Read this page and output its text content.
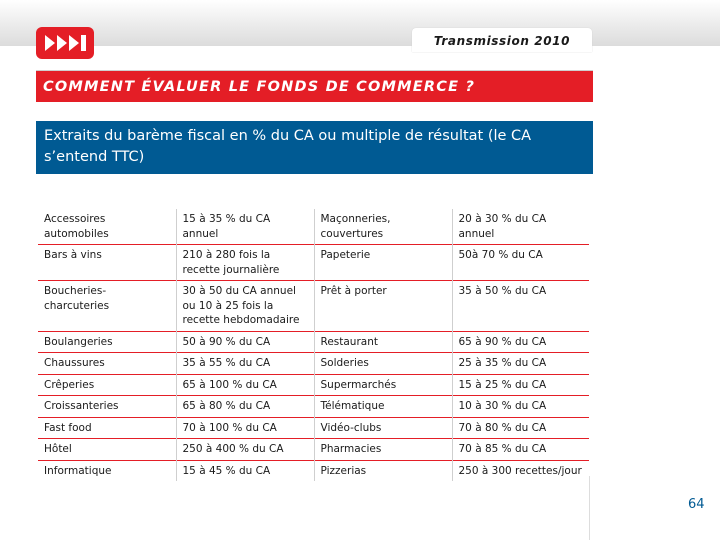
Transmission 2010
COMMENT ÉVALUER LE FONDS DE COMMERCE ?
Extraits du barème fiscal en % du CA ou multiple de résultat (le CA s’entend TTC)
Accessoires automobiles	15 à 35 % du CA annuel	Maçonneries, couvertures	20 à 30 % du CA annuel
Bars à vins	210 à 280 fois la recette journalière	Papeterie	50à 70 % du CA
Boucheries-charcuteries	30 à 50 du CA annuel ou 10 à 25 fois la recette hebdomadaire	Prêt à porter	35 à 50 % du CA
Boulangeries	50 à 90 % du CA	Restaurant	65 à 90 % du CA
Chaussures	35 à 55 % du CA	Solderies	25 à 35 % du CA
Crêperies	65 à 100 % du CA	Supermarchés	15 à 25 % du CA
Croissanteries	65 à 80 % du CA	Télématique	10 à 30 % du CA
Fast food	70 à 100 % du CA	Vidéo-clubs	70 à 80 % du CA
Hôtel	250 à 400 % du CA	Pharmacies	70 à 85 % du CA
Informatique	15 à 45 % du CA	Pizzerias	250 à 300 recettes/jour
64
